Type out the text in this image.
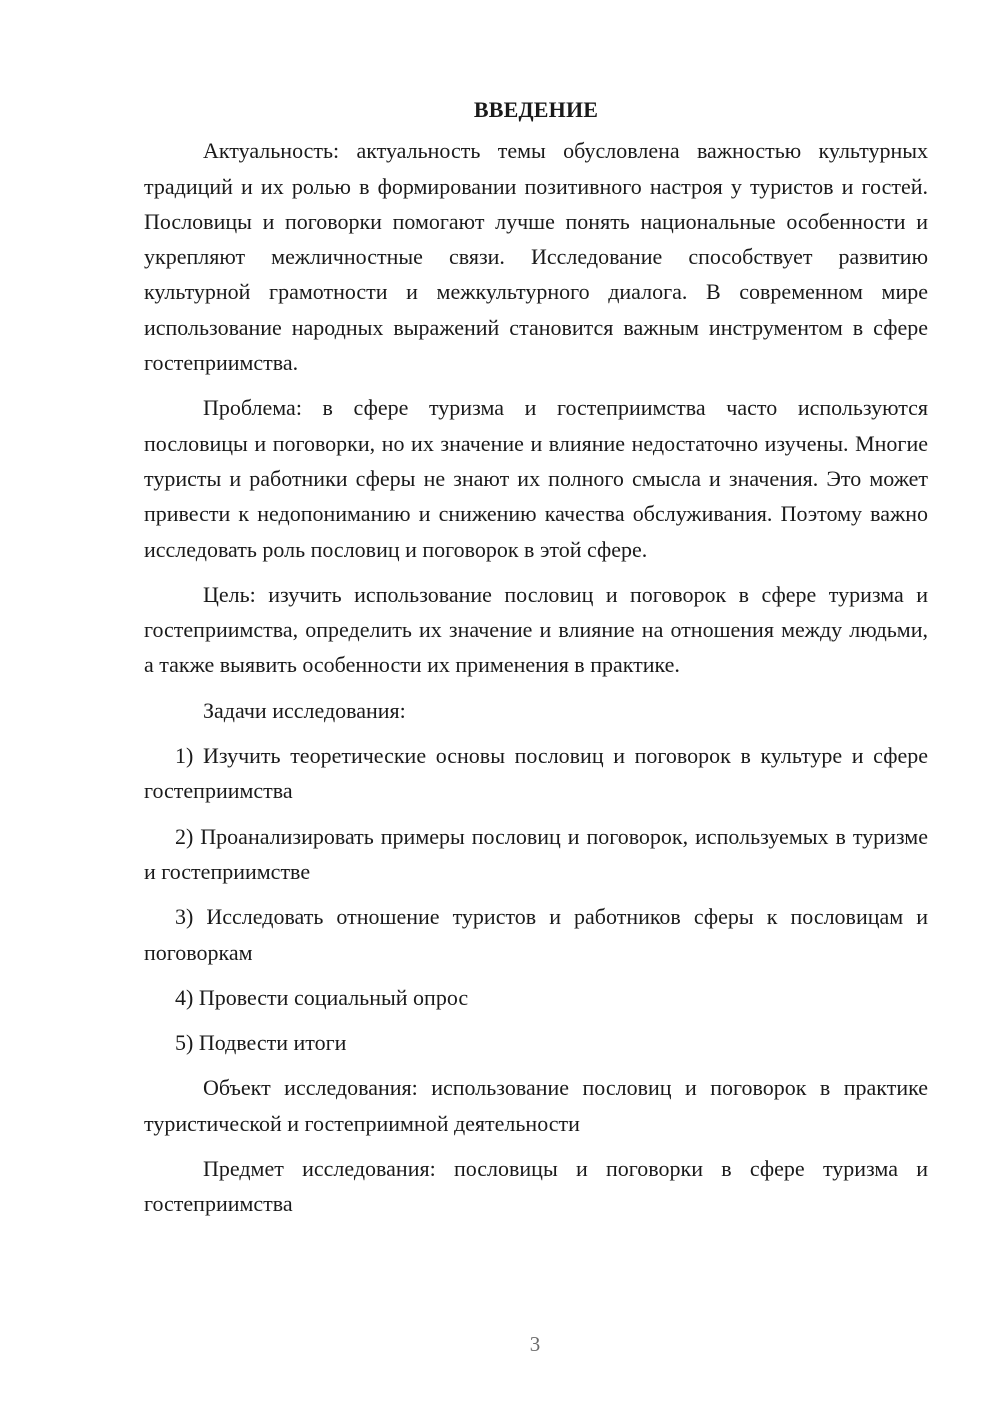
ВВЕДЕНИЕ

Актуальность: актуальность темы обусловлена важностью культурных традиций и их ролью в формировании позитивного настроя у туристов и гостей. Пословицы и поговорки помогают лучше понять национальные особенности и укрепляют межличностные связи. Исследование способствует развитию культурной грамотности и межкультурного диалога. В современном мире использование народных выражений становится важным инструментом в сфере гостеприимства.

Проблема: в сфере туризма и гостеприимства часто используются пословицы и поговорки, но их значение и влияние недостаточно изучены. Многие туристы и работники сферы не знают их полного смысла и значения. Это может привести к недопониманию и снижению качества обслуживания. Поэтому важно исследовать роль пословиц и поговорок в этой сфере.

Цель: изучить использование пословиц и поговорок в сфере туризма и гостеприимства, определить их значение и влияние на отношения между людьми, а также выявить особенности их применения в практике.

Задачи исследования:

1) Изучить теоретические основы пословиц и поговорок в культуре и сфере гостеприимства

2) Проанализировать примеры пословиц и поговорок, используемых в туризме и гостеприимстве

3) Исследовать отношение туристов и работников сферы к пословицам и поговоркам

4) Провести социальный опрос

5) Подвести итоги

Объект исследования: использование пословиц и поговорок в практике туристической и гостеприимной деятельности

Предмет исследования: пословицы и поговорки в сфере туризма и гостеприимства

3
